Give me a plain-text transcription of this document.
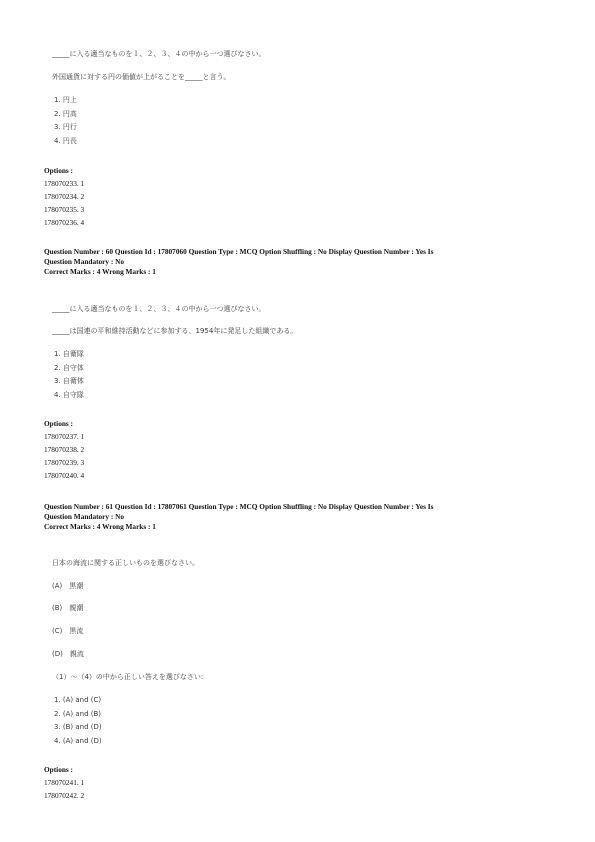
_____に入る適当なものを１、２、３、４の中から一つ選びなさい。
外国通貨に対する円の価値が上がることを_____と言う。
1. 円上
2. 円高
3. 円行
4. 円長
Options :
178070233. 1
178070234. 2
178070235. 3
178070236. 4
Question Number : 60 Question Id : 17807060 Question Type : MCQ Option Shuffling : No Display Question Number : Yes Is
Question Mandatory : No
Correct Marks : 4 Wrong Marks : 1
_____に入る適当なものを１、２、３、４の中から一つ選びなさい。
_____は国連の平和維持活動などに参加する、1954年に発足した組織である。
1. 自衛隊
2. 自守体
3. 自衛体
4. 自守隊
Options :
178070237. 1
178070238. 2
178070239. 3
178070240. 4
Question Number : 61 Question Id : 17807061 Question Type : MCQ Option Shuffling : No Display Question Number : Yes Is
Question Mandatory : No
Correct Marks : 4 Wrong Marks : 1
日本の海流に関する正しいものを選びなさい。
(A)　黒潮
(B)　親潮
(C)　黒流
(D)　親流
（1）～（4）の中から正しい答えを選びなさい:
1. (A) and (C)
2. (A) and (B)
3. (B) and (D)
4. (A) and (D)
Options :
178070241. 1
178070242. 2
